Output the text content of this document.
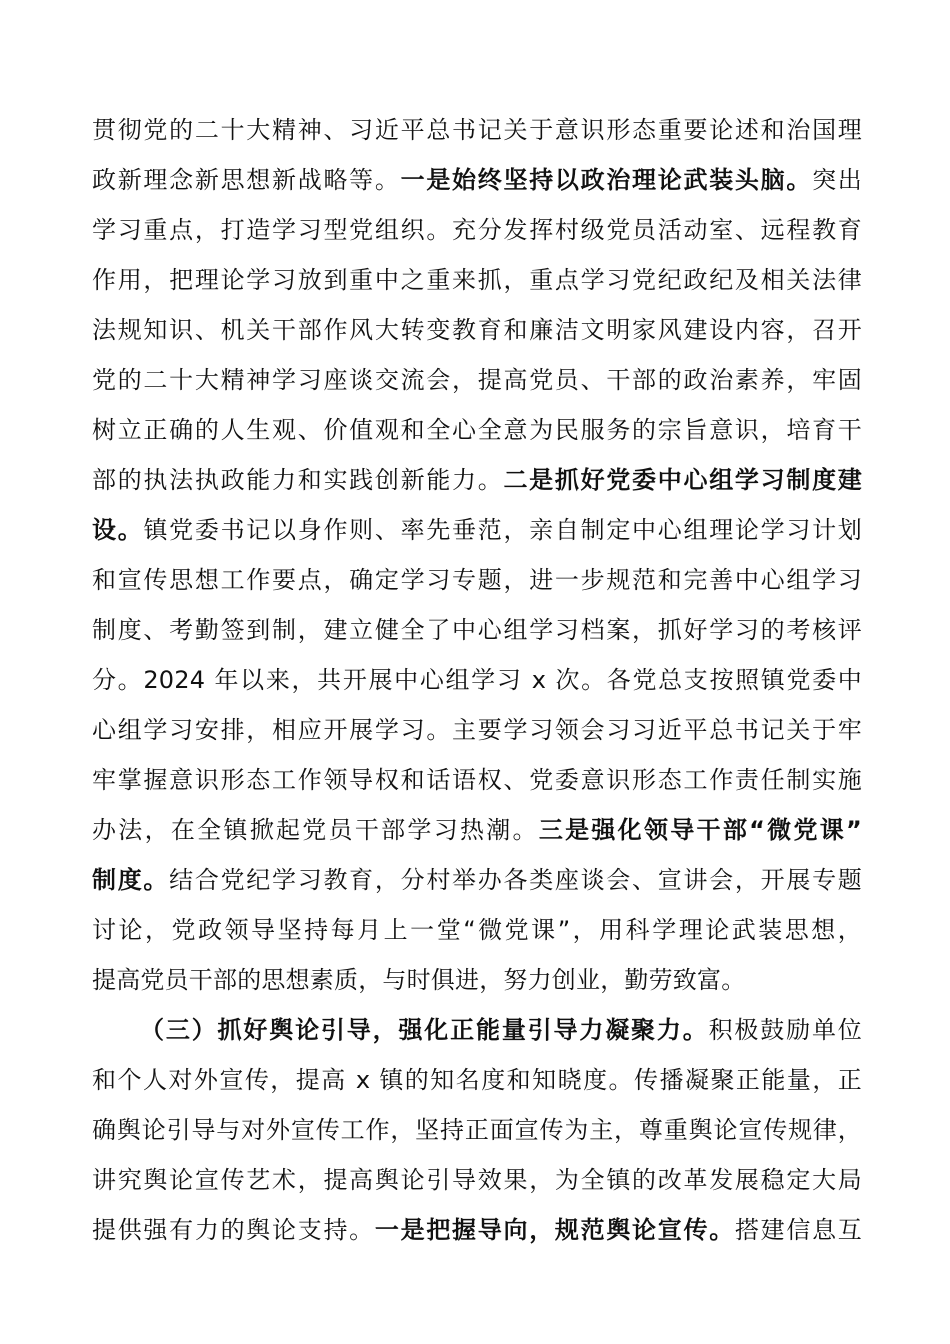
贯彻党的二十大精神、习近平总书记关于意识形态重要论述和治国理
政新理念新思想新战略等。一是始终坚持以政治理论武装头脑。突出
学习重点，打造学习型党组织。充分发挥村级党员活动室、远程教育
作用，把理论学习放到重中之重来抓，重点学习党纪政纪及相关法律
法规知识、机关干部作风大转变教育和廉洁文明家风建设内容，召开
党的二十大精神学习座谈交流会，提高党员、干部的政治素养，牢固
树立正确的人生观、价值观和全心全意为民服务的宗旨意识，培育干
部的执法执政能力和实践创新能力。二是抓好党委中心组学习制度建
设。镇党委书记以身作则、率先垂范，亲自制定中心组理论学习计划
和宣传思想工作要点，确定学习专题，进一步规范和完善中心组学习
制度、考勤签到制，建立健全了中心组学习档案，抓好学习的考核评
分。2024 年以来，共开展中心组学习 x 次。各党总支按照镇党委中
心组学习安排，相应开展学习。主要学习领会习习近平总书记关于牢
牢掌握意识形态工作领导权和话语权、党委意识形态工作责任制实施
办法，在全镇掀起党员干部学习热潮。三是强化领导干部“微党课”
制度。结合党纪学习教育，分村举办各类座谈会、宣讲会，开展专题
讨论，党政领导坚持每月上一堂“微党课”，用科学理论武装思想，
提高党员干部的思想素质，与时俱进，努力创业，勤劳致富。
（三）抓好舆论引导，强化正能量引导力凝聚力。积极鼓励单位
和个人对外宣传，提高 x 镇的知名度和知晓度。传播凝聚正能量，正
确舆论引导与对外宣传工作，坚持正面宣传为主，尊重舆论宣传规律，
讲究舆论宣传艺术，提高舆论引导效果，为全镇的改革发展稳定大局
提供强有力的舆论支持。一是把握导向，规范舆论宣传。搭建信息互
